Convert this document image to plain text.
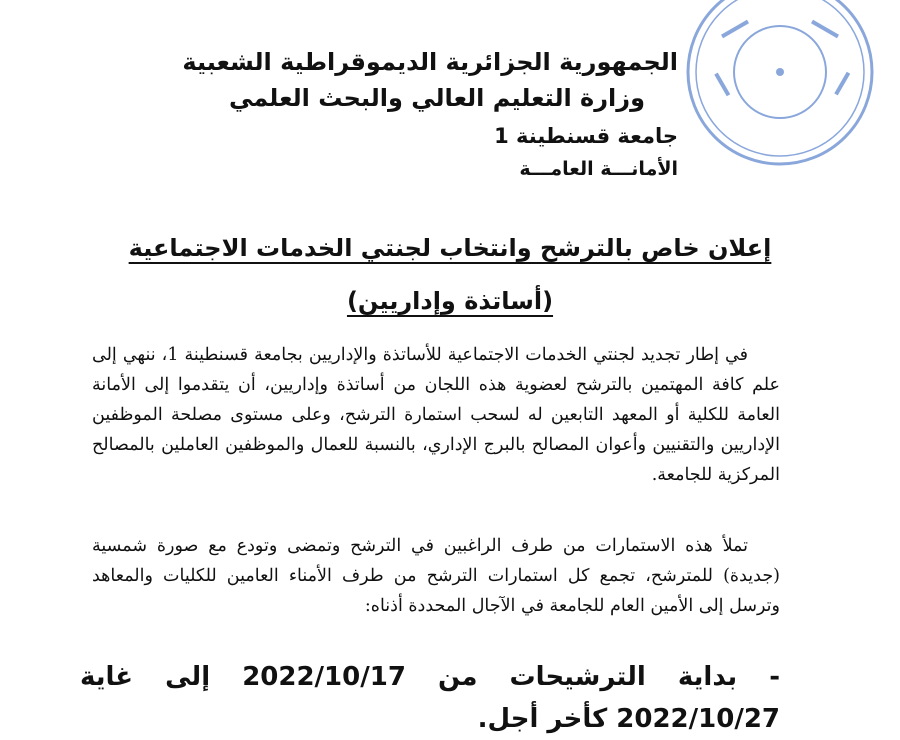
الجمهورية الجزائرية الديموقراطية الشعبية
وزارة التعليم العالي والبحث العلمي
جامعة قسنطينة 1
الأمانـــة العامـــة
إعلان خاص بالترشح وانتخاب لجنتي الخدمات الاجتماعية
(أساتذة وإداريين)
في إطار تجديد لجنتي الخدمات الاجتماعية للأساتذة والإداريين بجامعة قسنطينة 1، ننهي إلى علم كافة المهتمين بالترشح لعضوية هذه اللجان من أساتذة وإداريين، أن يتقدموا إلى الأمانة العامة للكلية أو المعهد التابعين له لسحب استمارة الترشح، وعلى مستوى مصلحة الموظفين الإداريين والتقنيين وأعوان المصالح بالبرج الإداري، بالنسبة للعمال والموظفين العاملين بالمصالح المركزية للجامعة.
تملأ هذه الاستمارات من طرف الراغبين في الترشح وتمضى وتودع مع صورة شمسية (جديدة) للمترشح، تجمع كل استمارات الترشح من طرف الأمناء العامين للكليات والمعاهد وترسل إلى الأمين العام للجامعة في الآجال المحددة أذناه:
- بداية الترشيحات من 2022/10/17 إلى غاية 2022/10/27 كأخر أجل.
